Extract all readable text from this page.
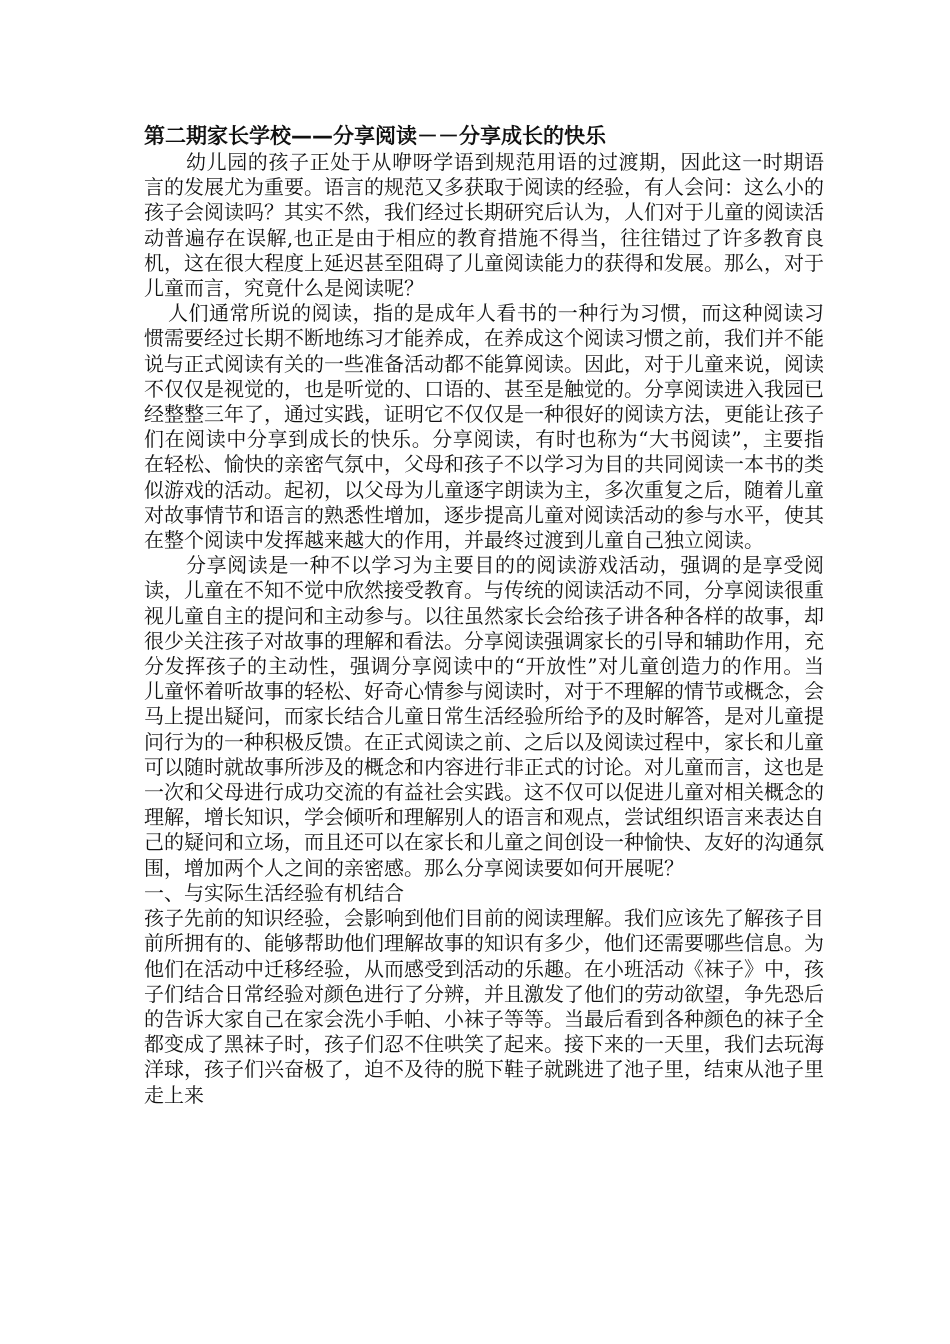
第二期家长学校——分享阅读－－分享成长的快乐

幼儿园的孩子正处于从咿呀学语到规范用语的过渡期，因此这一时期语言的发展尤为重要。语言的规范又多获取于阅读的经验，有人会问：这么小的孩子会阅读吗？其实不然，我们经过长期研究后认为，人们对于儿童的阅读活动普遍存在误解,也正是由于相应的教育措施不得当，往往错过了许多教育良机，这在很大程度上延迟甚至阻碍了儿童阅读能力的获得和发展。那么，对于儿童而言，究竟什么是阅读呢？

人们通常所说的阅读，指的是成年人看书的一种行为习惯，而这种阅读习惯需要经过长期不断地练习才能养成，在养成这个阅读习惯之前，我们并不能说与正式阅读有关的一些准备活动都不能算阅读。因此，对于儿童来说，阅读不仅仅是视觉的，也是听觉的、口语的、甚至是触觉的。分享阅读进入我园已经整整三年了，通过实践，证明它不仅仅是一种很好的阅读方法，更能让孩子们在阅读中分享到成长的快乐。分享阅读，有时也称为“大书阅读”，主要指在轻松、愉快的亲密气氛中，父母和孩子不以学习为目的共同阅读一本书的类似游戏的活动。起初，以父母为儿童逐字朗读为主，多次重复之后，随着儿童对故事情节和语言的熟悉性增加，逐步提高儿童对阅读活动的参与水平，使其在整个阅读中发挥越来越大的作用，并最终过渡到儿童自己独立阅读。

分享阅读是一种不以学习为主要目的的阅读游戏活动，强调的是享受阅读，儿童在不知不觉中欣然接受教育。与传统的阅读活动不同，分享阅读很重视儿童自主的提问和主动参与。以往虽然家长会给孩子讲各种各样的故事，却很少关注孩子对故事的理解和看法。分享阅读强调家长的引导和辅助作用，充分发挥孩子的主动性，强调分享阅读中的“开放性”对儿童创造力的作用。当儿童怀着听故事的轻松、好奇心情参与阅读时，对于不理解的情节或概念，会马上提出疑问，而家长结合儿童日常生活经验所给予的及时解答，是对儿童提问行为的一种积极反馈。在正式阅读之前、之后以及阅读过程中，家长和儿童可以随时就故事所涉及的概念和内容进行非正式的讨论。对儿童而言，这也是一次和父母进行成功交流的有益社会实践。这不仅可以促进儿童对相关概念的理解，增长知识，学会倾听和理解别人的语言和观点，尝试组织语言来表达自己的疑问和立场，而且还可以在家长和儿童之间创设一种愉快、友好的沟通氛围，增加两个人之间的亲密感。那么分享阅读要如何开展呢？

一、与实际生活经验有机结合

孩子先前的知识经验，会影响到他们目前的阅读理解。我们应该先了解孩子目前所拥有的、能够帮助他们理解故事的知识有多少，他们还需要哪些信息。为他们在活动中迁移经验，从而感受到活动的乐趣。在小班活动《袜子》中，孩子们结合日常经验对颜色进行了分辨，并且激发了他们的劳动欲望，争先恐后的告诉大家自己在家会洗小手帕、小袜子等等。当最后看到各种颜色的袜子全都变成了黑袜子时，孩子们忍不住哄笑了起来。接下来的一天里，我们去玩海洋球，孩子们兴奋极了，迫不及待的脱下鞋子就跳进了池子里，结束从池子里走上来
